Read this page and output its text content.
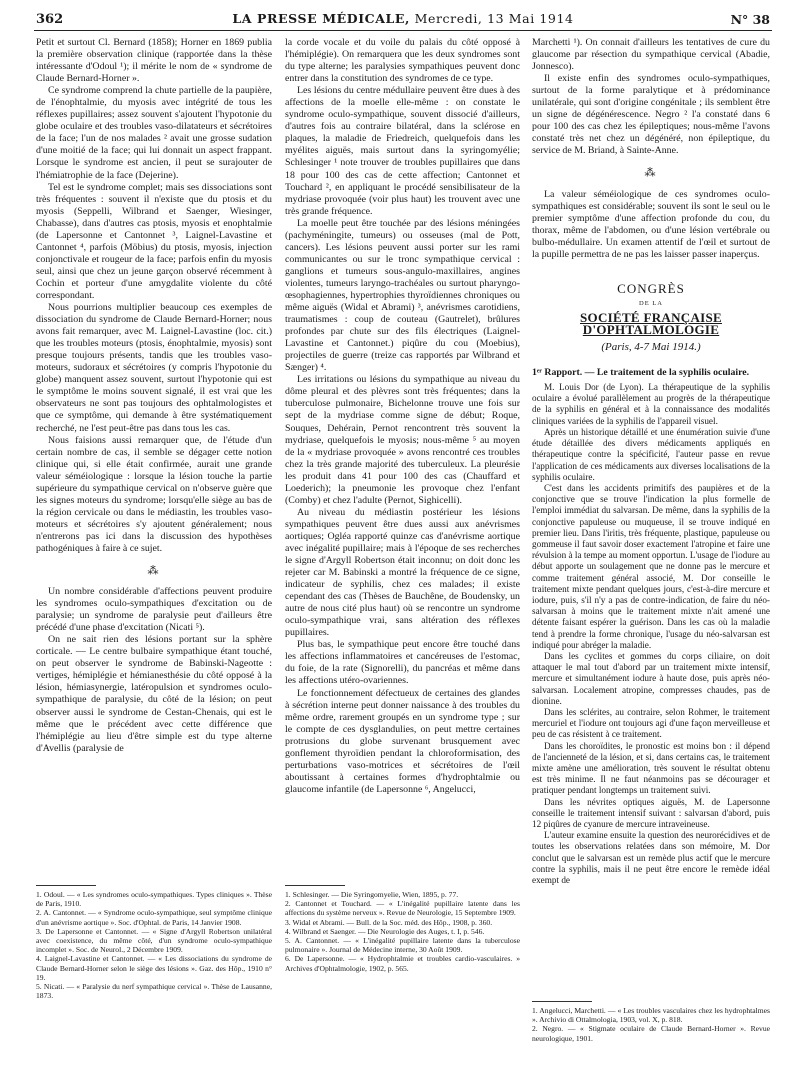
362	LA PRESSE MÉDICALE, Mercredi, 13 Mai 1914	N° 38

Petit et surtout Cl. Bernard (1858); Horner en 1869 publia la première observation clinique (rapportée dans la thèse intéressante d'Odoul ¹); il mérite le nom de « syndrome de Claude Bernard-Horner ».

Ce syndrome comprend la chute partielle de la paupière, de l'énophtalmie, du myosis avec intégrité de tous les réflexes pupillaires; assez souvent s'ajoutent l'hypotonie du globe oculaire et des troubles vaso-dilatateurs et sécrétoires de la face; l'un de nos malades ² avait une grosse sudation d'une moitié de la face; qui lui donnait un aspect frappant. Lorsque le syndrome est ancien, il peut se surajouter de l'hémiatrophie de la face (Dejerine).

Tel est le syndrome complet; mais ses dissociations sont très fréquentes : souvent il n'existe que du ptosis et du myosis (Seppelli, Wilbrand et Saenger, Wiesinger, Chabasse), dans d'autres cas ptosis, myosis et enophtalmie (de Lapersonne et Cantonnet ³, Laignel-Lavastine et Cantonnet ⁴, parfois (Möbius) du ptosis, myosis, injection conjonctivale et rougeur de la face; parfois enfin du myosis seul, ainsi que chez un jeune garçon observé récemment à Cochin et porteur d'une amygdalite violente du côté correspondant.

Nous pourrions multiplier beaucoup ces exemples de dissociation du syndrome de Claude Bernard-Horner; nous avons fait remarquer, avec M. Laignel-Lavastine (loc. cit.) que les troubles moteurs (ptosis, énophtalmie, myosis) sont presque toujours présents, tandis que les troubles vaso-moteurs, sudoraux et sécrétoires (y compris l'hypotonie du globe) manquent assez souvent, surtout l'hypotonie qui est le symptôme le moins souvent signalé, il est vrai que les observateurs ne sont pas toujours des ophtalmologistes et que ce symptôme, qui demande à être systématiquement recherché, ne l'est peut-être pas dans tous les cas.

Nous faisions aussi remarquer que, de l'étude d'un certain nombre de cas, il semble se dégager cette notion clinique qui, si elle était confirmée, aurait une grande valeur séméiologique : lorsque la lésion touche la partie supérieure du sympathique cervical on n'observe guère que les signes moteurs du syndrome; lorsqu'elle siège au bas de la région cervicale ou dans le médiastin, les troubles vaso-moteurs et sécrétoires s'y ajoutent généralement; nous n'entrerons pas ici dans la discussion des hypothèses pathogéniques à faire à ce sujet.

⁂

Un nombre considérable d'affections peuvent produire les syndromes oculo-sympathiques d'excitation ou de paralysie; un syndrome de paralysie peut d'ailleurs être précédé d'une phase d'excitation (Nicati ⁵).

On ne sait rien des lésions portant sur la sphère corticale. — Le centre bulbaire sympathique étant touché, on peut observer le syndrome de Babinski-Nageotte : vertiges, hémiplégie et hémianesthésie du côté opposé à la lésion, hémiasynergie, latéropulsion et syndromes oculo-sympathique de paralysie, du côté de la lésion; on peut observer aussi le syndrome de Cestan-Chenais, qui est le même que le précédent avec cette différence que l'hémiplégie au lieu d'être simple est du type alterne d'Avellis (paralysie de

1. Odoul. — « Les syndromes oculo-sympathiques. Types cliniques ». Thèse de Paris, 1910.

2. A. Cantonnet. — « Syndrome oculo-sympathique, seul symptôme clinique d'un anévrisme aortique ». Soc. d'Ophtal. de Paris, 14 Janvier 1908.

3. De Lapersonne et Cantonnet. — « Signe d'Argyll Robertson unilatéral avec coexistence, du même côté, d'un syndrome oculo-sympathique incomplet ». Soc. de Neurol., 2 Décembre 1909.

4. Laignel-Lavastine et Cantonnet. — « Les dissociations du syndrome de Claude Bernard-Horner selon le siège des lésions ». Gaz. des Hôp., 1910 n° 19.

5. Nicati. — « Paralysie du nerf sympathique cervical ». Thèse de Lausanne, 1873.

la corde vocale et du voile du palais du côté opposé à l'hémiplégie). On remarquera que les deux syndromes sont du type alterne; les paralysies sympathiques peuvent donc entrer dans la constitution des syndromes de ce type.

Les lésions du centre médullaire peuvent être dues à des affections de la moelle elle-même : on constate le syndrome oculo-sympathique, souvent dissocié d'ailleurs, d'autres fois au contraire bilatéral, dans la sclérose en plaques, la maladie de Friedreich, quelquefois dans les myélites aiguës, mais surtout dans la syringomyélie; Schlesinger ¹ note trouver de troubles pupillaires que dans 18 pour 100 des cas de cette affection; Cantonnet et Touchard ², en appliquant le procédé sensibilisateur de la mydriase provoquée (voir plus haut) les trouvent avec une très grande fréquence.

La moelle peut être touchée par des lésions méningées (pachyméningite, tumeurs) ou osseuses (mal de Pott, cancers). Les lésions peuvent aussi porter sur les rami communicantes ou sur le tronc sympathique cervical : ganglions et tumeurs sous-angulo-maxillaires, angines violentes, tumeurs laryngo-trachéales ou surtout pharyngo-œsophagiennes, hypertrophies thyroïdiennes chroniques ou même aiguës (Widal et Abrami) ³, anévrismes carotidiens, traumatismes : coup de couteau (Gautrelet), brûlures profondes par chute sur des fils électriques (Laignel-Lavastine et Cantonnet.) piqûre du cou (Moebius), projectiles de guerre (treize cas rapportés par Wilbrand et Sænger) ⁴.

Les irritations ou lésions du sympathique au niveau du dôme pleural et des plèvres sont très fréquentes; dans la tuberculose pulmonaire, Bichelonne trouve une fois sur sept de la mydriase comme signe de début; Roque, Souques, Dehérain, Pernot rencontrent très souvent la mydriase, quelquefois le myosis; nous-même ⁵ au moyen de la « mydriase provoquée » avons rencontré ces troubles chez la très grande majorité des tuberculeux. La pleurésie les produit dans 41 pour 100 des cas (Chauffard et Loederich); la pneumonie les provoque chez l'enfant (Comby) et chez l'adulte (Pernot, Sighicelli).

Au niveau du médiastin postérieur les lésions sympathiques peuvent être dues aussi aux anévrismes aortiques; Ogléa rapporté quinze cas d'anévrisme aortique avec inégalité pupillaire; mais à l'époque de ses recherches le signe d'Argyll Robertson était inconnu; on doit donc les rejeter car M. Babinski a montré la fréquence de ce signe, indicateur de syphilis, chez ces malades; il existe cependant des cas (Thèses de Bauchêne, de Boudensky, un autre de nous cité plus haut) où se rencontre un syndrome oculo-sympathique vrai, sans altération des réflexes pupillaires.

Plus bas, le sympathique peut encore être touché dans les affections inflammatoires et cancéreuses de l'estomac, du foie, de la rate (Signorelli), du pancréas et même dans les affections utéro-ovariennes.

Le fonctionnement défectueux de certaines des glandes à sécrétion interne peut donner naissance à des troubles du même ordre, rarement groupés en un syndrome type ; sur le compte de ces dysglandulies, on peut mettre certaines protrusions du globe survenant brusquement avec gonflement thyroïdien pendant la chloroformisation, des perturbations vaso-motrices et sécrétoires de l'œil aboutissant à certaines formes d'hydrophtalmie ou glaucome infantile (de Lapersonne ⁶, Angelucci,

1. Schlesinger. — Die Syringomyelie, Wien, 1895, p. 77.

2. Cantonnet et Touchard. — « L'inégalité pupillaire latente dans les affections du système nerveux ». Revue de Neurologie, 15 Septembre 1909.

3. Widal et Abrami. — Bull. de la Soc. méd. des Hôp., 1908, p. 360.

4. Wilbrand et Saenger. — Die Neurologie des Auges, t. I, p. 546.

5. A. Cantonnet. — « L'inégalité pupillaire latente dans la tuberculose pulmonaire ». Journal de Médecine interne, 30 Août 1909.

6. De Lapersonne. — « Hydrophtalmie et troubles cardio-vasculaires. » Archives d'Ophtalmologie, 1902, p. 565.

Marchetti ¹). On connait d'ailleurs les tentatives de cure du glaucome par résection du sympathique cervical (Abadie, Jonnesco).

Il existe enfin des syndromes oculo-sympathiques, surtout de la forme paralytique et à prédominance unilatérale, qui sont d'origine congénitale ; ils semblent être un signe de dégénérescence. Negro ² l'a constaté dans 6 pour 100 des cas chez les épileptiques; nous-même l'avons constaté très net chez un dégénéré, non épileptique, du service de M. Briand, à Sainte-Anne.

⁂

La valeur séméiologique de ces syndromes oculo-sympathiques est considérable; souvent ils sont le seul ou le premier symptôme d'une affection profonde du cou, du thorax, même de l'abdomen, ou d'une lésion vertébrale ou bulbo-médullaire. Un examen attentif de l'œil et surtout de la pupille permettra de ne pas les laisser passer inaperçus.

CONGRÈS
DE LA
SOCIÉTÉ FRANÇAISE D'OPHTALMOLOGIE
(Paris, 4-7 Mai 1914.)

1ᵉʳ Rapport. — Le traitement de la syphilis oculaire.

M. Louis Dor (de Lyon). La thérapeutique de la syphilis oculaire a évolué parallèlement au progrès de la thérapeutique de la syphilis en général et à la connaissance des modalités cliniques variées de la syphilis de l'appareil visuel.

Après un historique détaillé et une énumération suivie d'une étude détaillée des divers médicaments appliqués en thérapeutique contre la spécificité, l'auteur passe en revue l'application de ces médicaments aux diverses localisations de la syphilis oculaire.

C'est dans les accidents primitifs des paupières et de la conjonctive que se trouve l'indication la plus formelle de l'emploi immédiat du salvarsan. De même, dans la syphilis de la conjonctive papuleuse ou muqueuse, il se trouve indiqué en premier lieu. Dans l'iritis, très fréquente, plastique, papuleuse ou gommeuse il faut savoir doser exactement l'atropine et faire une révulsion à la tempe au moment opportun. L'usage de l'iodure au début apporte un soulagement que ne donne pas le mercure et comme traitement général associé, M. Dor conseille le traitement mixte pendant quelques jours, c'est-à-dire mercure et iodure, puis, s'il n'y a pas de contre-indication, de faire du néo-salvarsan à moins que le traitement mixte n'ait amené une détente faisant espérer la guérison. Dans les cas où la maladie tend à prendre la forme chronique, l'usage du néo-salvarsan est indiqué pour abréger la maladie.

Dans les cyclites et gommes du corps ciliaire, on doit attaquer le mal tout d'abord par un traitement mixte intensif, mercure et simultanément iodure à haute dose, puis après néo-salvarsan. Localement atropine, compresses chaudes, pas de dionine.

Dans les sclérites, au contraire, selon Rohmer, le traitement mercuriel et l'iodure ont toujours agi d'une façon merveilleuse et peu de cas résistent à ce traitement.

Dans les choroïdites, le pronostic est moins bon : il dépend de l'ancienneté de la lésion, et si, dans certains cas, le traitement mixte amène une amélioration, très souvent le résultat obtenu est très minime. Il ne faut néanmoins pas se décourager et pratiquer pendant longtemps un traitement suivi.

Dans les névrites optiques aiguës, M. de Lapersonne conseille le traitement intensif suivant : salvarsan d'abord, puis 12 piqûres de cyanure de mercure intraveineuse.

L'auteur examine ensuite la question des neurorécidives et de toutes les observations relatées dans son mémoire, M. Dor conclut que le salvarsan est un remède plus actif que le mercure contre la syphilis, mais il ne peut être encore le remède idéal exempt de

1. Angelucci, Marchetti. — « Les troubles vasculaires chez les hydrophtalmes ». Archivio di Ottalmologia, 1903, vol. X, p. 818.

2. Negro. — « Stigmate oculaire de Claude Bernard-Horner ». Revue neurologique, 1901.
